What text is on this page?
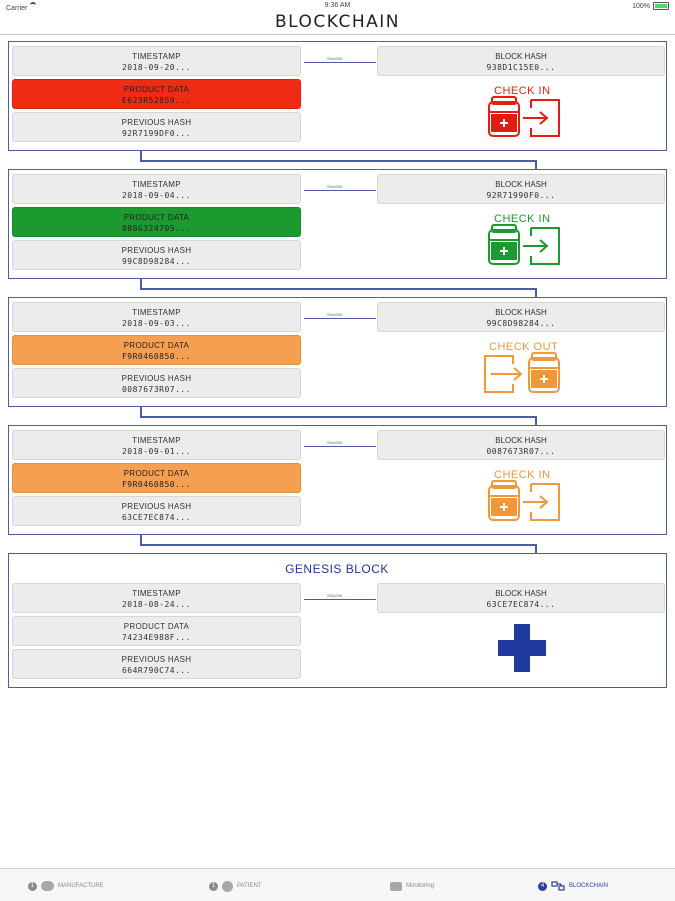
Carrier	9:36 AM	100%
BLOCKCHAIN
TIMESTAMP
2018-09-20...
PRODUCT DATA
E623R52859...
PREVIOUS HASH
92R7199DF0...
SHA256	BLOCK HASH
938D1C15E0...
CHECK IN
TIMESTAMP
2018-09-04...
PRODUCT DATA
088G324705...
PREVIOUS HASH
99C8D98284...
SHA256	BLOCK HASH
92R71990F0...
CHECK IN
TIMESTAMP
2018-09-03...
PRODUCT DATA
F9R0460850...
PREVIOUS HASH
0087673R07...
SHA256	BLOCK HASH
99C8D98284...
CHECK OUT
TIMESTAMP
2018-09-01...
PRODUCT DATA
F9R0460850...
PREVIOUS HASH
63CE7EC874...
SHA256	BLOCK HASH
0087673R07...
CHECK IN
GENESIS BLOCK
TIMESTAMP
2018-08-24...
PRODUCT DATA
74234E988F...
PREVIOUS HASH
664R790C74...
SHA256	BLOCK HASH
63CE7EC874...
1	MANUFACTURE	1	PATIENT	Monitoring	4	BLOCKCHAIN
